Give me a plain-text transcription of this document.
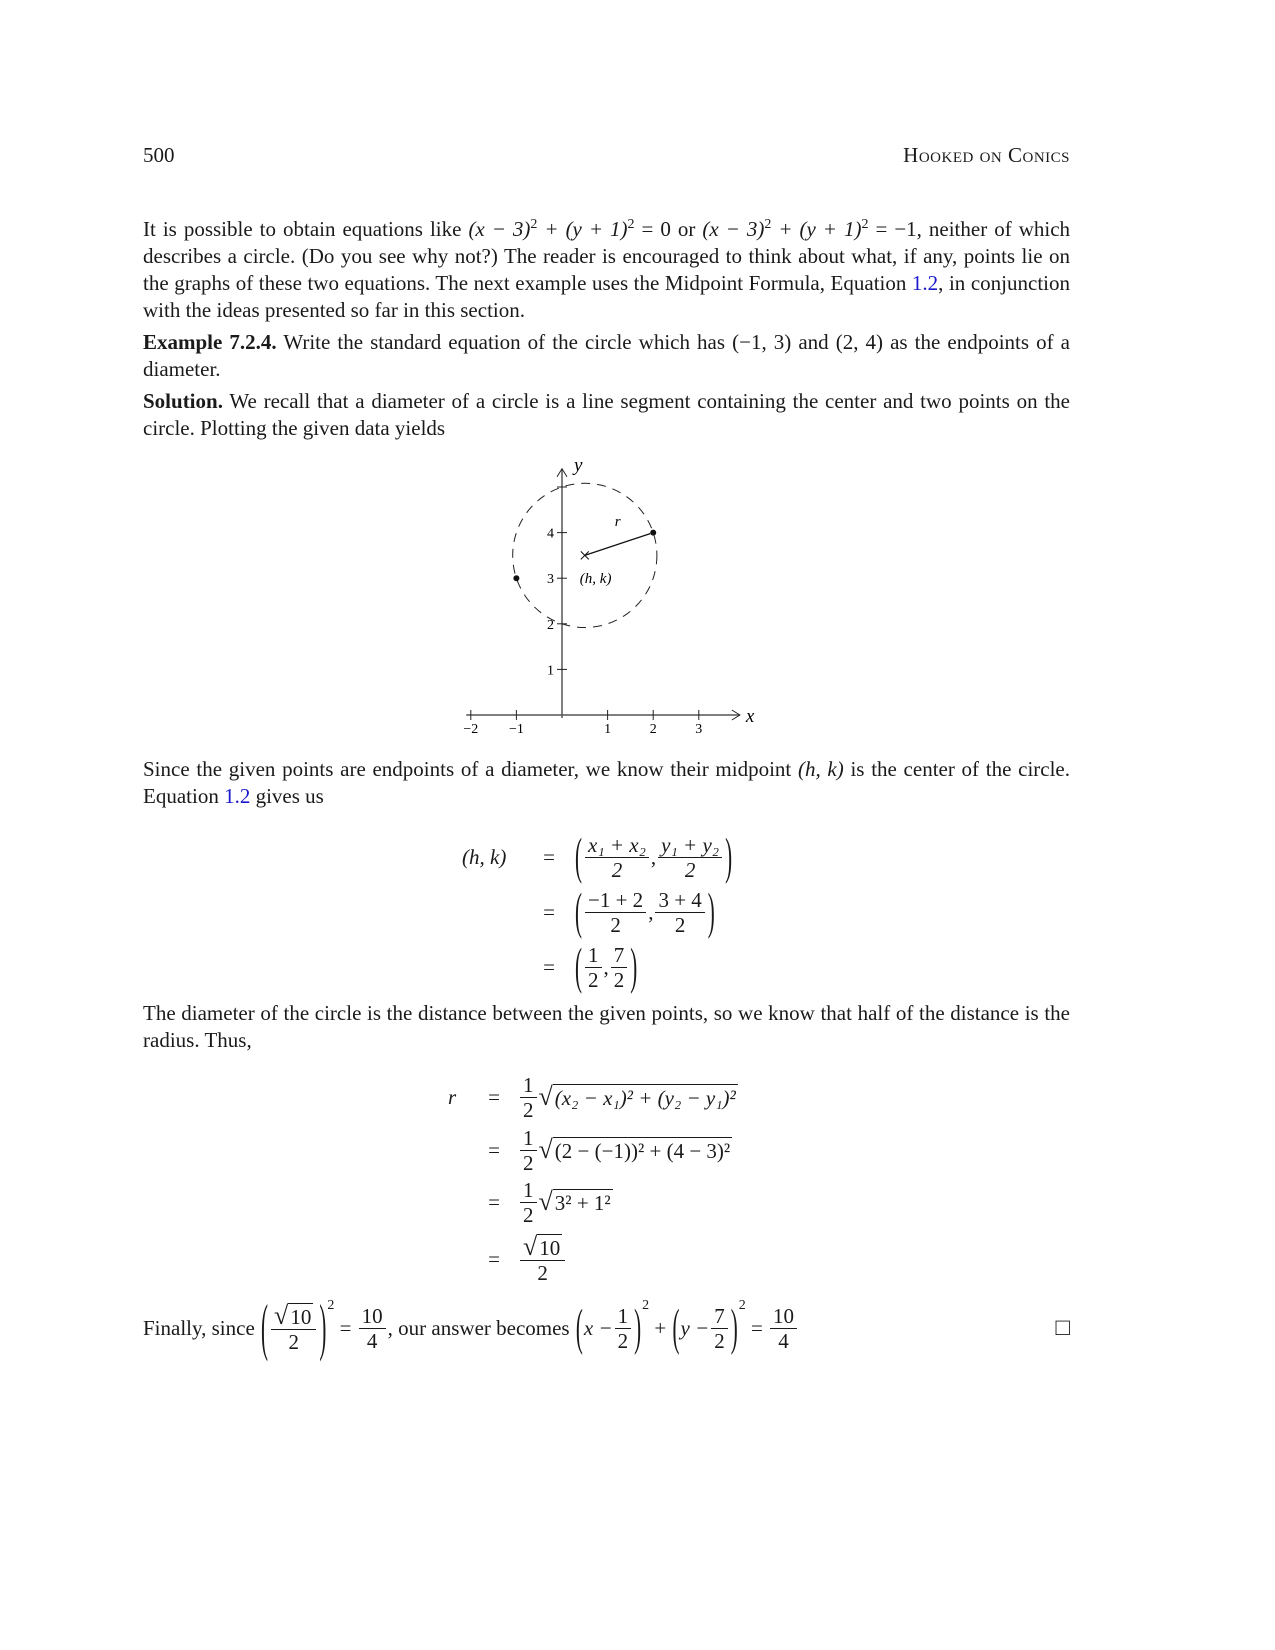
500	Hooked on Conics
It is possible to obtain equations like $(x - 3)^2 + (y + 1)^2 = 0$ or $(x - 3)^2 + (y + 1)^2 = -1$, neither of which describes a circle. (Do you see why not?) The reader is encouraged to think about what, if any, points lie on the graphs of these two equations. The next example uses the Midpoint Formula, Equation 1.2, in conjunction with the ideas presented so far in this section.
Example 7.2.4. Write the standard equation of the circle which has (−1, 3) and (2, 4) as the endpoints of a diameter.
Solution. We recall that a diameter of a circle is a line segment containing the center and two points on the circle. Plotting the given data yields
x
y
−2 −1	1	2	3
1
2
3
4
r
(h, k)
Since the given points are endpoints of a diameter, we know their midpoint (h, k) is the center of the circle. Equation 1.2 gives us
(h, k)	= ( $\frac{\text{x₁ + x₂}}{2}$ , $\frac{\text{y₁ + y₂}}{2}$ )
= ( $\frac{-1 + 2}{2}$ , $\frac{3 + 4}{2}$ )
= ( $\frac{1}{2}$ , $\frac{7}{2}$ )
The diameter of the circle is the distance between the given points, so we know that half of the distance is the radius. Thus,
r	= $\frac{1}{2}$ √ (x₂ − x₁)² + (y₂ − y₁)²
= $\frac{1}{2}$ √ (2 − (−1))² + (4 − 3)²
= $\frac{1}{2}$ √ 3² + 1²
= $\frac{√ 10}{2}$
Finally, since
( $\frac{√ 10}{2} )^2$

=
$\frac{10}{4}$ , our answer becomes
( $x - \frac{1}{2} )^2$

+
( $y - \frac{7}{2} )^2$

=
$\frac{10}{4}$	□
